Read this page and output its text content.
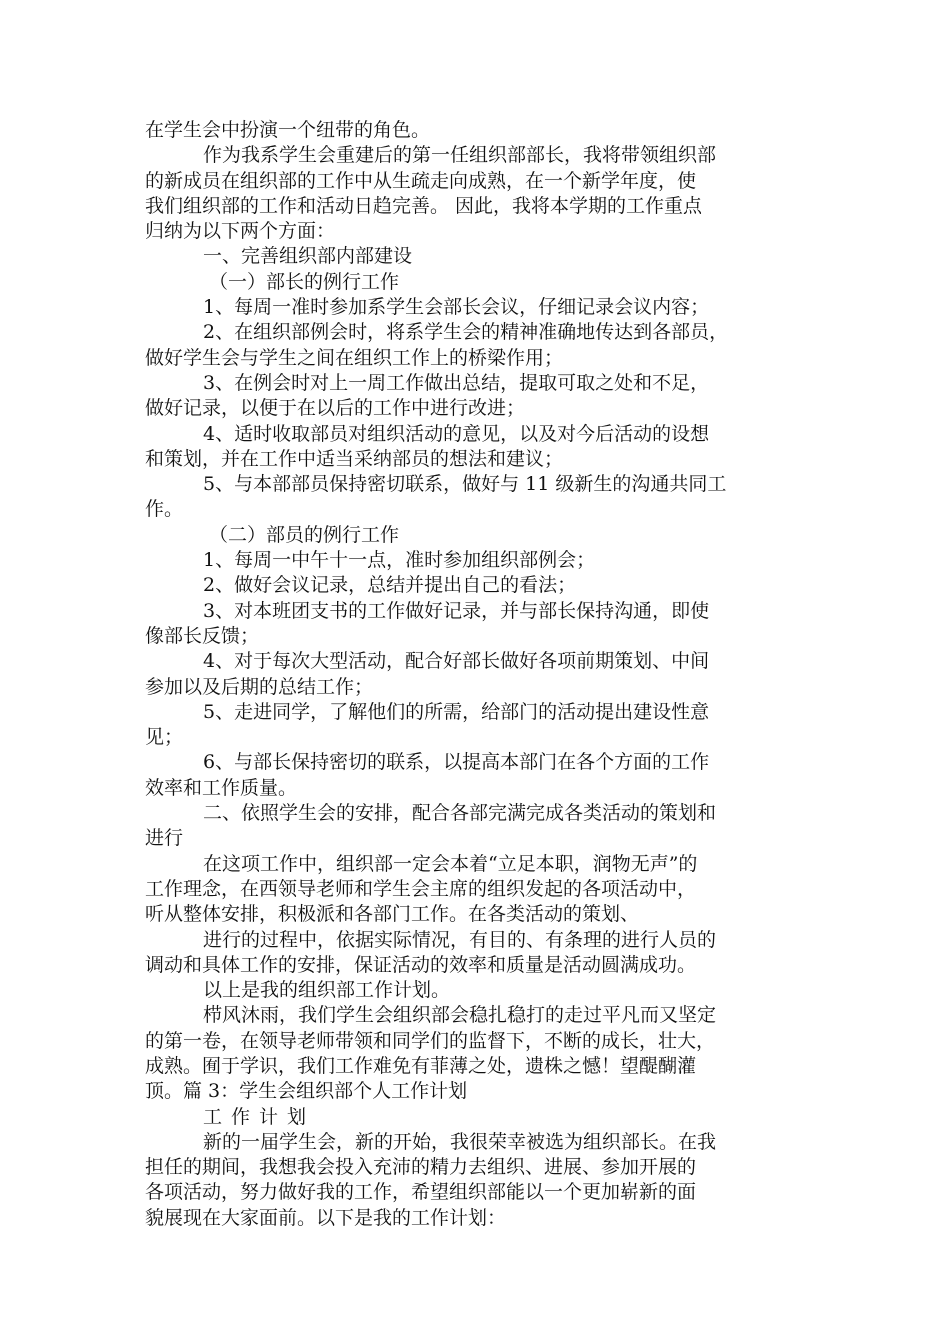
在学生会中扮演一个纽带的角色。
作为我系学生会重建后的第一任组织部部长，我将带领组织部
的新成员在组织部的工作中从生疏走向成熟，在一个新学年度，使
我们组织部的工作和活动日趋完善。 因此，我将本学期的工作重点
归纳为以下两个方面：
一、完善组织部内部建设
（一）部长的例行工作
1、每周一准时参加系学生会部长会议，仔细记录会议内容；
2、在组织部例会时，将系学生会的精神准确地传达到各部员，
做好学生会与学生之间在组织工作上的桥梁作用；
3、在例会时对上一周工作做出总结，提取可取之处和不足，
做好记录，以便于在以后的工作中进行改进；
4、适时收取部员对组织活动的意见，以及对今后活动的设想
和策划，并在工作中适当采纳部员的想法和建议；
5、与本部部员保持密切联系，做好与 11 级新生的沟通共同工
作。
（二）部员的例行工作
1、每周一中午十一点，准时参加组织部例会；
2、做好会议记录，总结并提出自己的看法；
3、对本班团支书的工作做好记录，并与部长保持沟通，即使
像部长反馈；
4、对于每次大型活动，配合好部长做好各项前期策划、中间
参加以及后期的总结工作；
5、走进同学，了解他们的所需，给部门的活动提出建设性意
见；
6、与部长保持密切的联系，以提高本部门在各个方面的工作
效率和工作质量。
二、依照学生会的安排，配合各部完满完成各类活动的策划和
进行
在这项工作中，组织部一定会本着“立足本职，润物无声”的
工作理念，在西领导老师和学生会主席的组织发起的各项活动中，
听从整体安排，积极派和各部门工作。在各类活动的策划、
进行的过程中，依据实际情况，有目的、有条理的进行人员的
调动和具体工作的安排，保证活动的效率和质量是活动圆满成功。
以上是我的组织部工作计划。
栉风沐雨，我们学生会组织部会稳扎稳打的走过平凡而又坚定
的第一卷，在领导老师带领和同学们的监督下，不断的成长，壮大，
成熟。囿于学识，我们工作难免有菲薄之处，遗株之憾！望醍醐灌
顶。篇 3：学生会组织部个人工作计划
工作计划
新的一届学生会，新的开始，我很荣幸被选为组织部长。在我
担任的期间，我想我会投入充沛的精力去组织、进展、参加开展的
各项活动，努力做好我的工作，希望组织部能以一个更加崭新的面
貌展现在大家面前。以下是我的工作计划：
